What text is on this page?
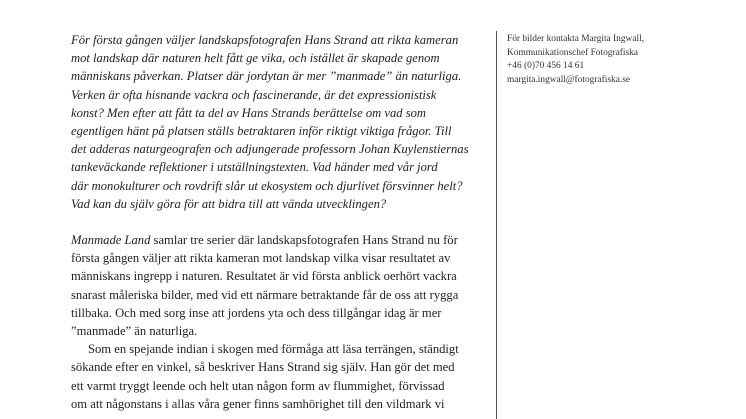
För första gången väljer landskapsfotografen Hans Strand att rikta kameran
mot landskap där naturen helt fått ge vika, och istället är skapade genom
människans påverkan. Platser där jordytan är mer ”manmade” än naturliga.
Verken är ofta hisnande vackra och fascinerande, är det expressionistisk
konst? Men efter att fått ta del av Hans Strands berättelse om vad som
egentligen hänt på platsen ställs betraktaren inför riktigt viktiga frågor. Till
det adderas naturgeografen och adjungerade professorn Johan Kuylenstiernas
tankeväckande reflektioner i utställningstexten. Vad händer med vår jord
där monokulturer och rovdrift slår ut ekosystem och djurlivet försvinner helt?
Vad kan du själv göra för att bidra till att vända utvecklingen?

Manmade Land samlar tre serier där landskapsfotografen Hans Strand nu för
första gången väljer att rikta kameran mot landskap vilka visar resultatet av
människans ingrepp i naturen. Resultatet är vid första anblick oerhört vackra
snarast måleriska bilder, med vid ett närmare betraktande får de oss att rygga
tillbaka. Och med sorg inse att jordens yta och dess tillgångar idag är mer
”manmade” än naturliga.

Som en spejande indian i skogen med förmåga att läsa terrängen, ständigt
sökande efter en vinkel, så beskriver Hans Strand sig själv. Han gör det med
ett varmt tryggt leende och helt utan någon form av flummighet, förvissad
om att någonstans i allas våra gener finns samhörighet till den vildmark vi

För bilder kontakta Margita Ingwall,
Kommunikationschef Fotografiska
+46 (0)70 456 14 61
margita.ingwall@fotografiska.se
